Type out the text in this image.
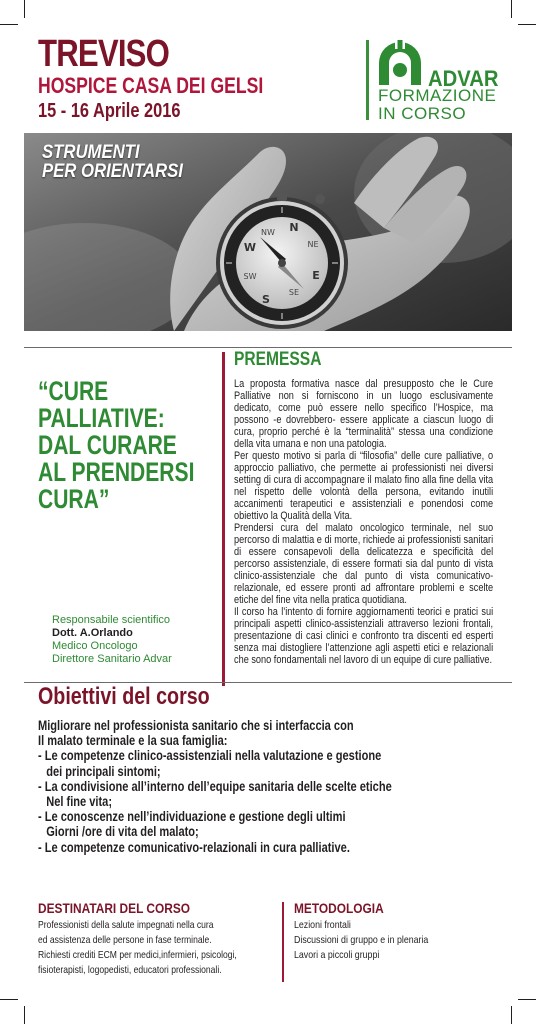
TREVISO
HOSPICE CASA DEI GELSI
15 - 16 Aprile 2016
ADVAR
FORMAZIONE
IN CORSO
N
E
S
W	NE
SE
SW
NW
STRUMENTI
PER ORIENTARSI
“CURE
PALLIATIVE:
DAL CURARE
AL PRENDERSI
CURA”
Responsabile scientifico
Dott. A.Orlando
Medico Oncologo
Direttore Sanitario Advar
PREMESSA

La proposta formativa nasce dal presupposto che le Cure Palliative non si forniscono in un luogo esclusivamente dedicato, come può essere nello specifico l’Hospice, ma possono -e dovrebbero- essere applicate a ciascun luogo di cura, proprio perché è la “terminalità” stessa una condizione della vita umana e non una patologia.

Per questo motivo si parla di “filosofia” delle cure palliative, o approccio palliativo, che permette ai professionisti nei diversi setting di cura di accompagnare il malato fino alla fine della vita nel rispetto delle volontà della persona, evitando inutili accanimenti terapeutici e assistenziali e ponendosi come obiettivo la Qualità della Vita.

Prendersi cura del malato oncologico terminale, nel suo percorso di malattia e di morte, richiede ai professionisti sanitari di essere consapevoli della delicatezza e specificità del percorso assistenziale, di essere formati sia dal punto di vista clinico-assistenziale che dal punto di vista comunicativo-relazionale, ed essere pronti ad affrontare problemi e scelte etiche del fine vita nella pratica quotidiana.

Il corso ha l’intento di fornire aggiornamenti teorici e pratici sui principali aspetti clinico-assistenziali attraverso lezioni frontali, presentazione di casi clinici e confronto tra discenti ed esperti senza mai distogliere l’attenzione agli aspetti etici e relazionali che sono fondamentali nel lavoro di un equipe di cure palliative.

Obiettivi del corso
Migliorare nel professionista sanitario che si interfaccia con
Il malato terminale e la sua famiglia:
- Le competenze clinico-assistenziali nella valutazione e gestione
dei principali sintomi;
- La condivisione all’interno dell’equipe sanitaria delle scelte etiche
Nel fine vita;
- Le conoscenze nell’individuazione e gestione degli ultimi
Giorni /ore di vita del malato;
- Le competenze comunicativo-relazionali in cura palliative.
DESTINATARI DEL CORSO
Professionisti della salute impegnati nella cura
ed assistenza delle persone in fase terminale.
Richiesti crediti ECM per medici,infermieri, psicologi,
fisioterapisti, logopedisti, educatori professionali.
METODOLOGIA
Lezioni frontali
Discussioni di gruppo e in plenaria
Lavori a piccoli gruppi
